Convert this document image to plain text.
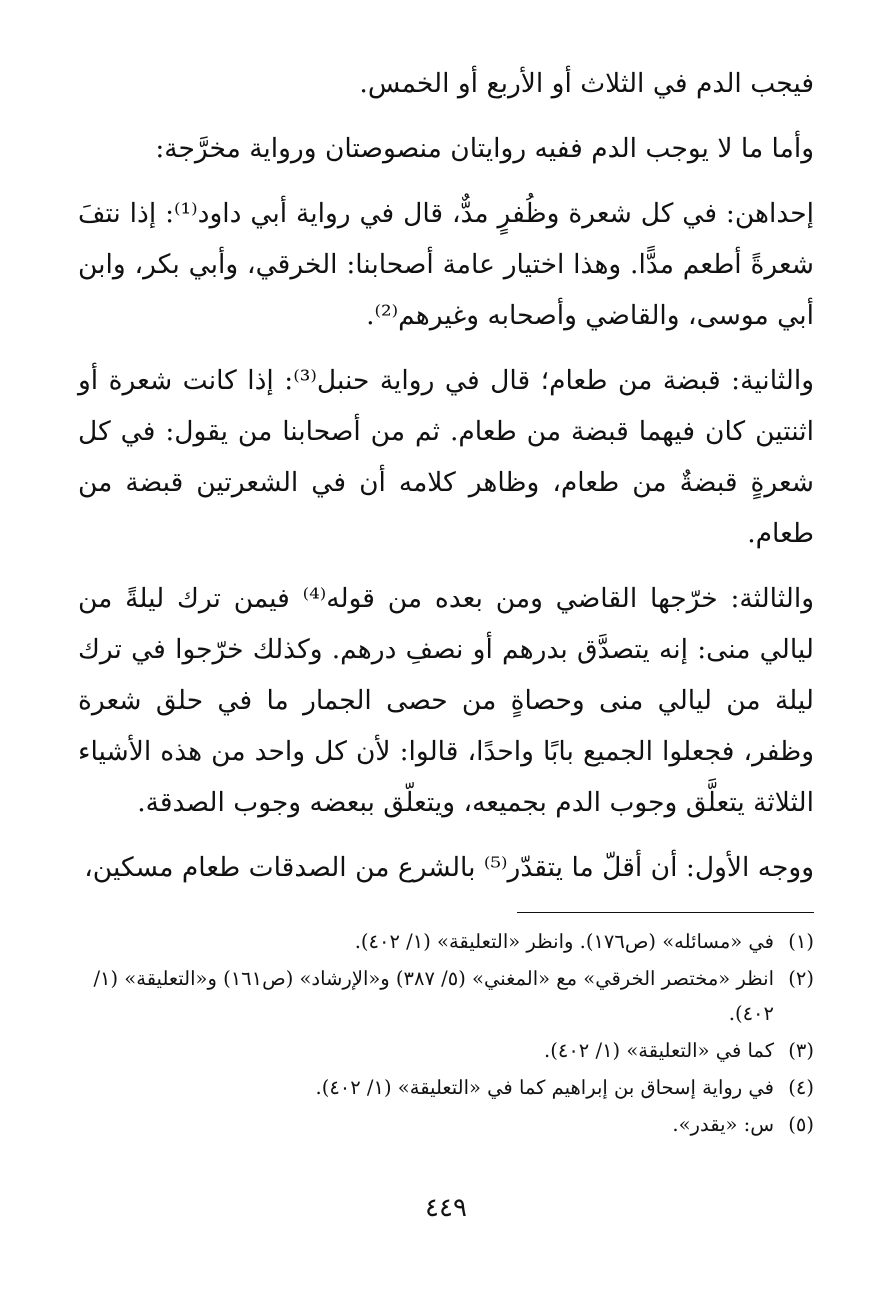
فيجب الدم في الثلاث أو الأربع أو الخمس.

وأما ما لا يوجب الدم ففيه روايتان منصوصتان ورواية مخرَّجة:

إحداهن: في كل شعرة وظُفرٍ مدٌّ، قال في رواية أبي داود⁽¹⁾: إذا نتفَ شعرةً أطعم مدًّا. وهذا اختيار عامة أصحابنا: الخرقي، وأبي بكر، وابن أبي موسى، والقاضي وأصحابه وغيرهم⁽²⁾.

والثانية: قبضة من طعام؛ قال في رواية حنبل⁽³⁾: إذا كانت شعرة أو اثنتين كان فيهما قبضة من طعام. ثم من أصحابنا من يقول: في كل شعرةٍ قبضةٌ من طعام، وظاهر كلامه أن في الشعرتين قبضة من طعام.

والثالثة: خرّجها القاضي ومن بعده من قوله⁽⁴⁾ فيمن ترك ليلةً من ليالي منى: إنه يتصدَّق بدرهم أو نصفِ درهم. وكذلك خرّجوا في ترك ليلة من ليالي منى وحصاةٍ من حصى الجمار ما في حلق شعرة وظفر، فجعلوا الجميع بابًا واحدًا، قالوا: لأن كل واحد من هذه الأشياء الثلاثة يتعلَّق وجوب الدم بجميعه، ويتعلّق ببعضه وجوب الصدقة.

ووجه الأول: أن أقلّ ما يتقدّر⁽⁵⁾ بالشرع من الصدقات طعام مسكين،

(١)
في «مسائله» (ص١٧٦). وانظر «التعليقة» (١/ ٤٠٢).
(٢)
انظر «مختصر الخرقي» مع «المغني» (٥/ ٣٨٧) و«الإرشاد» (ص١٦١) و«التعليقة» (١/ ٤٠٢).
(٣)
كما في «التعليقة» (١/ ٤٠٢).
(٤)
في رواية إسحاق بن إبراهيم كما في «التعليقة» (١/ ٤٠٢).
(٥)
س: «يقدر».
٤٤٩
